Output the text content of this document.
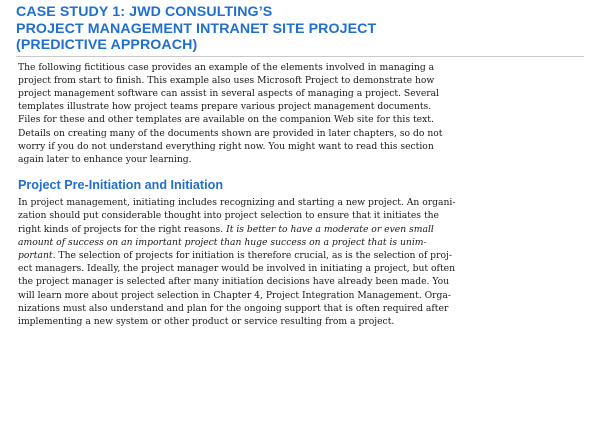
CASE STUDY 1: JWD CONSULTING’S
PROJECT MANAGEMENT INTRANET SITE PROJECT
(PREDICTIVE APPROACH)

The following fictitious case provides an example of the elements involved in managing a
project from start to finish. This example also uses Microsoft Project to demonstrate how
project management software can assist in several aspects of managing a project. Several
templates illustrate how project teams prepare various project management documents.
Files for these and other templates are available on the companion Web site for this text.
Details on creating many of the documents shown are provided in later chapters, so do not
worry if you do not understand everything right now. You might want to read this section
again later to enhance your learning.

Project Pre-Initiation and Initiation

In project management, initiating includes recognizing and starting a new project. An organi-
zation should put considerable thought into project selection to ensure that it initiates the
right kinds of projects for the right reasons. It is better to have a moderate or even small
amount of success on an important project than huge success on a project that is unim-
portant. The selection of projects for initiation is therefore crucial, as is the selection of proj-
ect managers. Ideally, the project manager would be involved in initiating a project, but often
the project manager is selected after many initiation decisions have already been made. You
will learn more about project selection in Chapter 4, Project Integration Management. Orga-
nizations must also understand and plan for the ongoing support that is often required after
implementing a new system or other product or service resulting from a project.
